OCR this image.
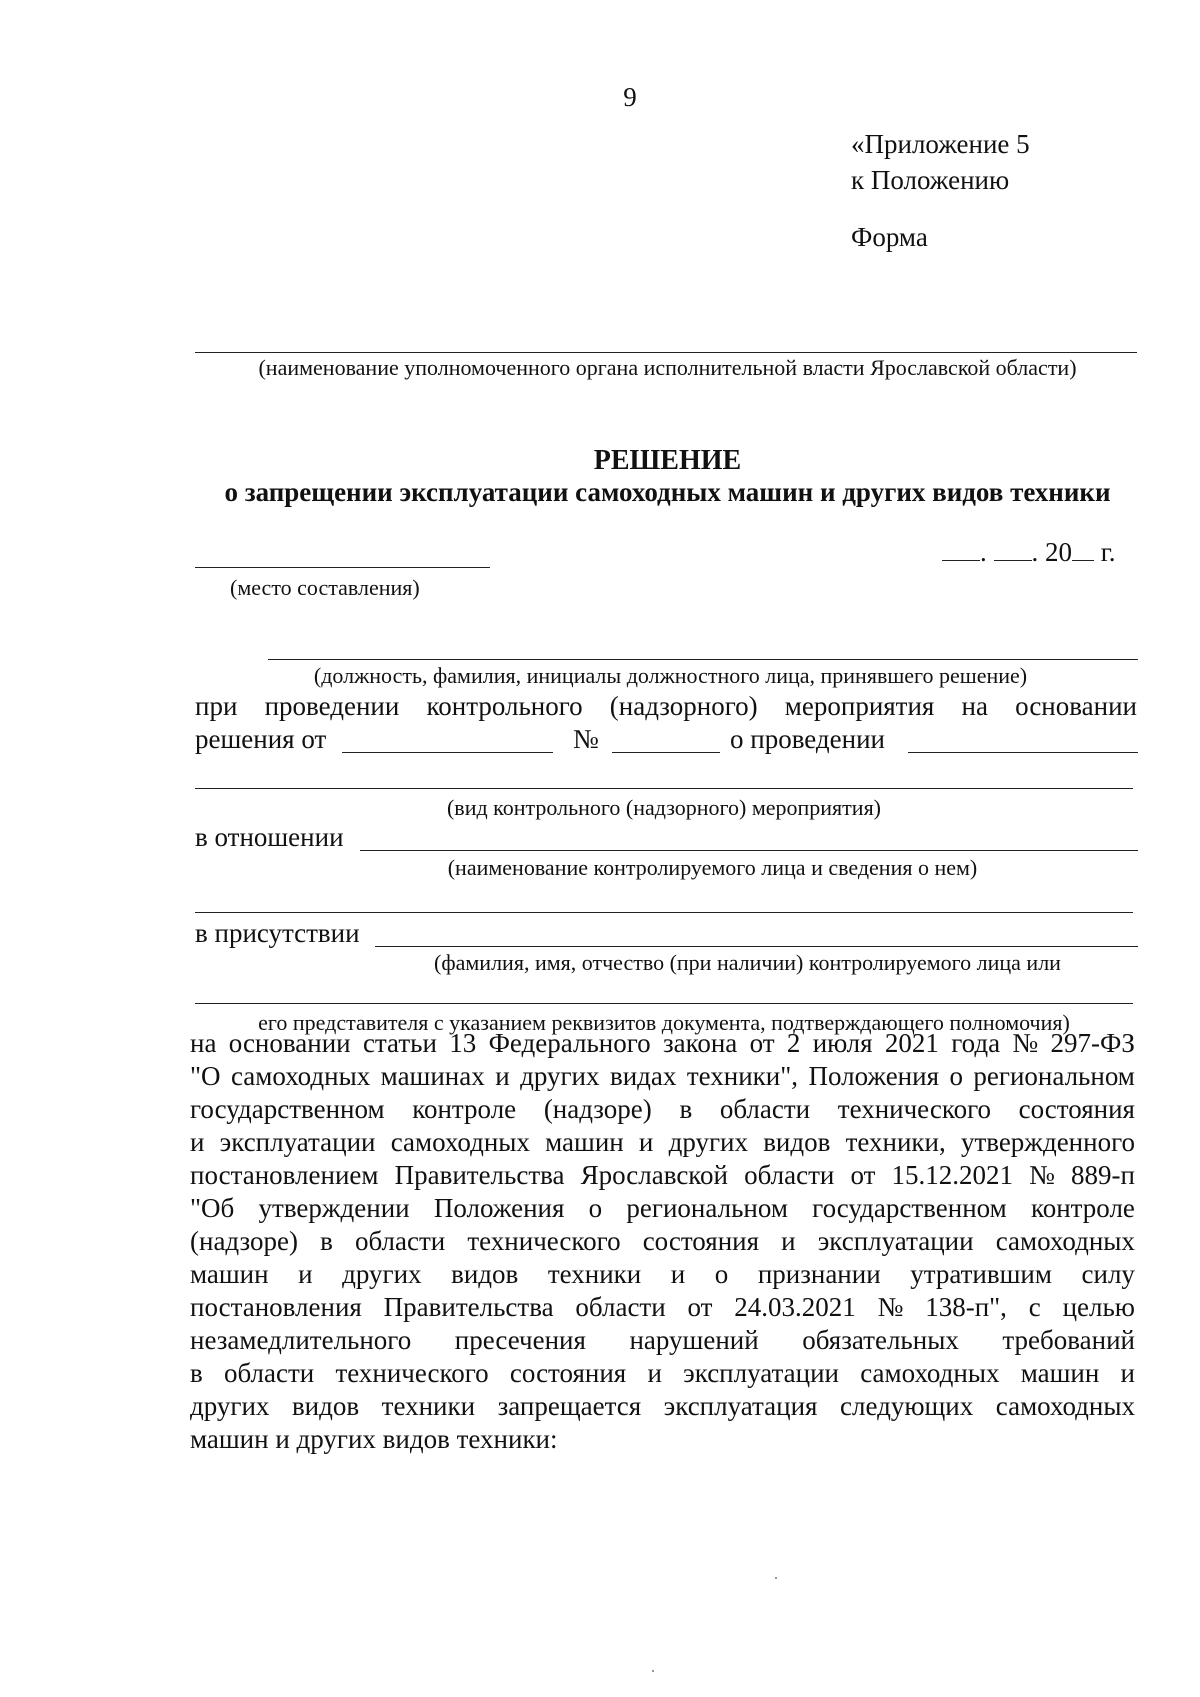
9
«Приложение 5
к Положению
Форма
(наименование уполномоченного органа исполнительной власти Ярославской области)
РЕШЕНИЕ
о запрещении эксплуатации самоходных машин и других видов техники
(место составления)
. . 20 г.
(должность, фамилия, инициалы должностного лица, принявшего решение)
при проведении контрольного (надзорного) мероприятия на основании
решения от	№	о проведении
(вид контрольного (надзорного) мероприятия)
в отношении
(наименование контролируемого лица и сведения о нем)
в присутствии
(фамилия, имя, отчество (при наличии) контролируемого лица или
его представителя с указанием реквизитов документа, подтверждающего полномочия)
на основании статьи 13 Федерального закона от 2 июля 2021 года № 297-ФЗ
"О самоходных машинах и других видах техники", Положения о региональном
государственном контроле (надзоре) в области технического состояния
и эксплуатации самоходных машин и других видов техники, утвержденного
постановлением Правительства Ярославской области от 15.12.2021 № 889-п
"Об утверждении Положения о региональном государственном контроле
(надзоре) в области технического состояния и эксплуатации самоходных
машин и других видов техники и о признании утратившим силу
постановления Правительства области от 24.03.2021 № 138-п", с целью
незамедлительного пресечения нарушений обязательных требований
в области технического состояния и эксплуатации самоходных машин и
других видов техники запрещается эксплуатация следующих самоходных
машин и других видов техники:
